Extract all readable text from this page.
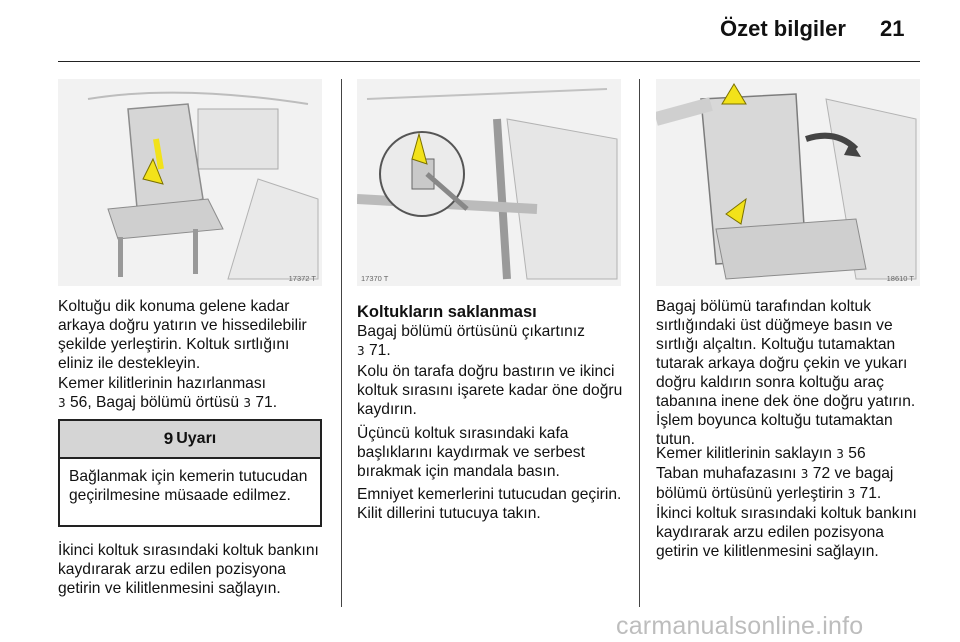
Özet bilgiler 21
17372 T	17370 T	18610 T

Koltuğu dik konuma gelene kadar arkaya doğru yatırın ve hissedilebilir şekilde yerleştirin. Koltuk sırtlığını eliniz ile destekleyin.

Kemer kilitlerinin hazırlanması
3 56, Bagaj bölümü örtüsü 3 71.

9 Uyarı
Bağlanmak için kemerin tutucudan geçirilmesine müsaade edilmez.

İkinci koltuk sırasındaki koltuk bankını kaydırarak arzu edilen pozisyona getirin ve kilitlenmesini sağlayın.

Koltukların saklanması

Bagaj bölümü örtüsünü çıkartınız
3 71.

Kolu ön tarafa doğru bastırın ve ikinci koltuk sırasını işarete kadar öne doğru kaydırın.

Üçüncü koltuk sırasındaki kafa başlıklarını kaydırmak ve serbest bırakmak için mandala basın.

Emniyet kemerlerini tutucudan geçirin. Kilit dillerini tutucuya takın.

Bagaj bölümü tarafından koltuk sırtlığındaki üst düğmeye basın ve sırtlığı alçaltın. Koltuğu tutamaktan tutarak arkaya doğru çekin ve yukarı doğru kaldırın sonra koltuğu araç tabanına inene dek öne doğru yatırın. İşlem boyunca koltuğu tutamaktan tutun.

Kemer kilitlerinin saklayın 3 56
Taban muhafazasını 3 72 ve bagaj bölümü örtüsünü yerleştirin 3 71.

İkinci koltuk sırasındaki koltuk bankını kaydırarak arzu edilen pozisyona getirin ve kilitlenmesini sağlayın.

carmanualsonline.info
